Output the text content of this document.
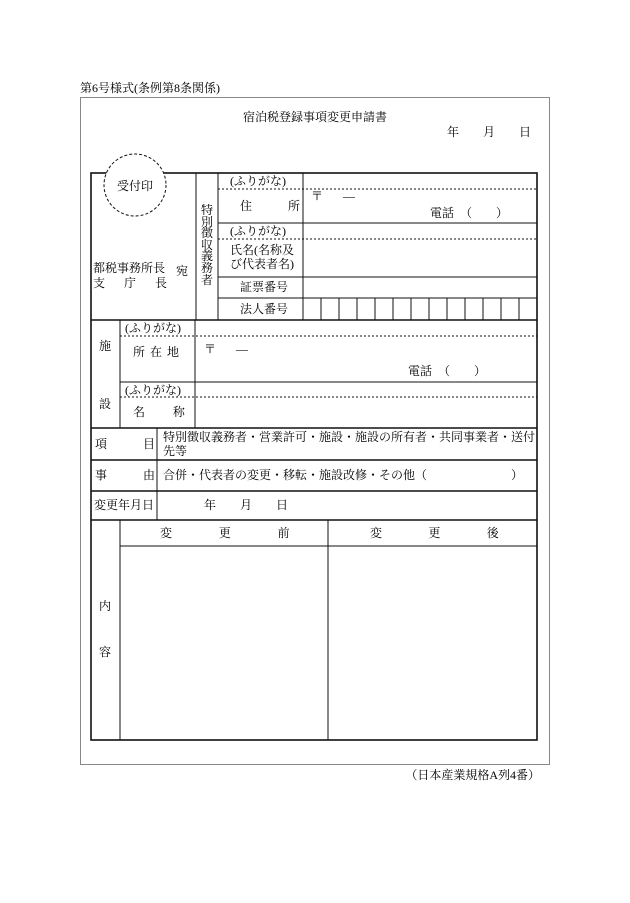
第6号様式(条例第8条関係)
宿泊税登録事項変更申請書
年　　月　　日
受付印
都税事務所長
支　庁　長
宛
特別徴収義務者
(ふりがな)
住　　所
〒 —
電話　（　　）
(ふりがな)
氏名(名称及び代表者名)
証票番号
法人番号
施設
(ふりがな)
所 在 地 〒 —
電話　（　　）
(ふりがな)
名　　称
項　　目 特別徴収義務者・営業許可・施設・施設の所有者・共同事業者・送付先等
事　　由 合併・代表者の変更・移転・施設改修・その他（　　　　　　　）
変更年月日	年　　月　　日
内容
変　　　更　　　前	変　　　更　　　後
（日本産業規格A列4番）
